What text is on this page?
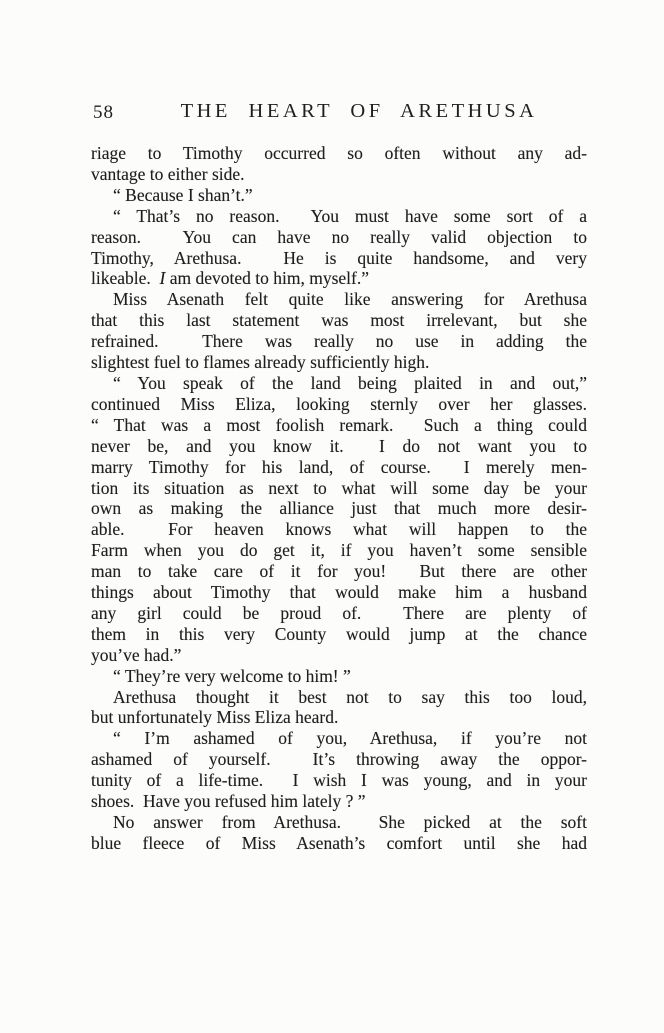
58	THE HEART OF ARETHUSA
riage to Timothy occurred so often without any ad-
vantage to either side.
“ Because I shan’t.”
“ That’s no reason.  You must have some sort of a
reason.  You can have no really valid objection to
Timothy, Arethusa.  He is quite handsome, and very
likeable.  I am devoted to him, myself.”
Miss Asenath felt quite like answering for Arethusa
that this last statement was most irrelevant, but she
refrained.  There was really no use in adding the
slightest fuel to flames already sufficiently high.
“ You speak of the land being plaited in and out,”
continued Miss Eliza, looking sternly over her glasses.
“ That was a most foolish remark.  Such a thing could
never be, and you know it.  I do not want you to
marry Timothy for his land, of course.  I merely men-
tion its situation as next to what will some day be your
own as making the alliance just that much more desir-
able.  For heaven knows what will happen to the
Farm when you do get it, if you haven’t some sensible
man to take care of it for you!  But there are other
things about Timothy that would make him a husband
any girl could be proud of.  There are plenty of
them in this very County would jump at the chance
you’ve had.”
“ They’re very welcome to him! ”
Arethusa thought it best not to say this too loud,
but unfortunately Miss Eliza heard.
“ I’m ashamed of you, Arethusa, if you’re not
ashamed of yourself.  It’s throwing away the oppor-
tunity of a life-time.  I wish I was young, and in your
shoes.  Have you refused him lately ? ”
No answer from Arethusa.  She picked at the soft
blue fleece of Miss Asenath’s comfort until she had
